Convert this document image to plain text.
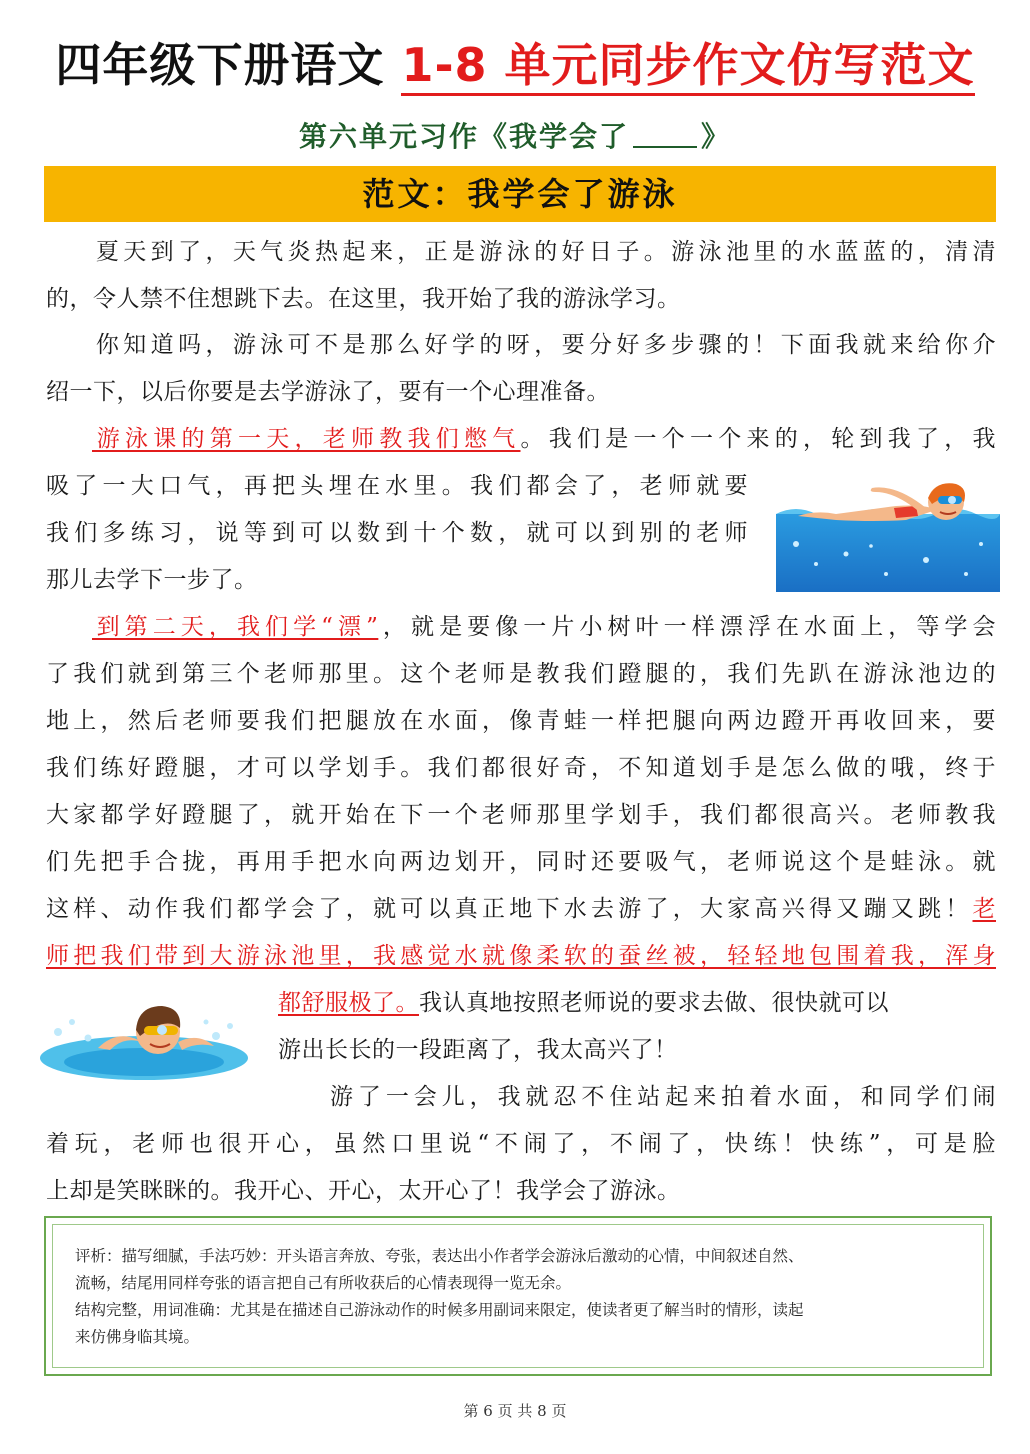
四年级下册语文 1-8 单元同步作文仿写范文
第六单元习作《我学会了	》
范文：我学会了游泳
夏天到了，天气炎热起来，正是游泳的好日子。游泳池里的水蓝蓝的，清清
的，令人禁不住想跳下去。在这里，我开始了我的游泳学习。
你知道吗，游泳可不是那么好学的呀，要分好多步骤的！下面我就来给你介
绍一下，以后你要是去学游泳了，要有一个心理准备。
游泳课的第一天，老师教我们憋气。我们是一个一个来的，轮到我了，我
吸了一大口气，再把头埋在水里。我们都会了，老师就要
我们多练习，说等到可以数到十个数，就可以到别的老师
那儿去学下一步了。
到第二天，我们学“漂”，就是要像一片小树叶一样漂浮在水面上，等学会
了我们就到第三个老师那里。这个老师是教我们蹬腿的，我们先趴在游泳池边的
地上，然后老师要我们把腿放在水面，像青蛙一样把腿向两边蹬开再收回来，要
我们练好蹬腿，才可以学划手。我们都很好奇，不知道划手是怎么做的哦，终于
大家都学好蹬腿了，就开始在下一个老师那里学划手，我们都很高兴。老师教我
们先把手合拢，再用手把水向两边划开，同时还要吸气，老师说这个是蛙泳。就
这样、动作我们都学会了，就可以真正地下水去游了，大家高兴得又蹦又跳！老
师把我们带到大游泳池里，我感觉水就像柔软的蚕丝被，轻轻地包围着我，浑身
都舒服极了。我认真地按照老师说的要求去做、很快就可以
游出长长的一段距离了，我太高兴了！
游了一会儿，我就忍不住站起来拍着水面，和同学们闹
着玩，老师也很开心，虽然口里说“不闹了，不闹了，快练！快练”，可是脸
上却是笑眯眯的。我开心、开心，太开心了！我学会了游泳。

评析：描写细腻，手法巧妙：开头语言奔放、夸张，表达出小作者学会游泳后激动的心情，中间叙述自然、

流畅，结尾用同样夸张的语言把自己有所收获后的心情表现得一览无余。

结构完整，用词准确：尤其是在描述自己游泳动作的时候多用副词来限定，使读者更了解当时的情形，读起

来仿佛身临其境。

第 6 页 共 8 页
